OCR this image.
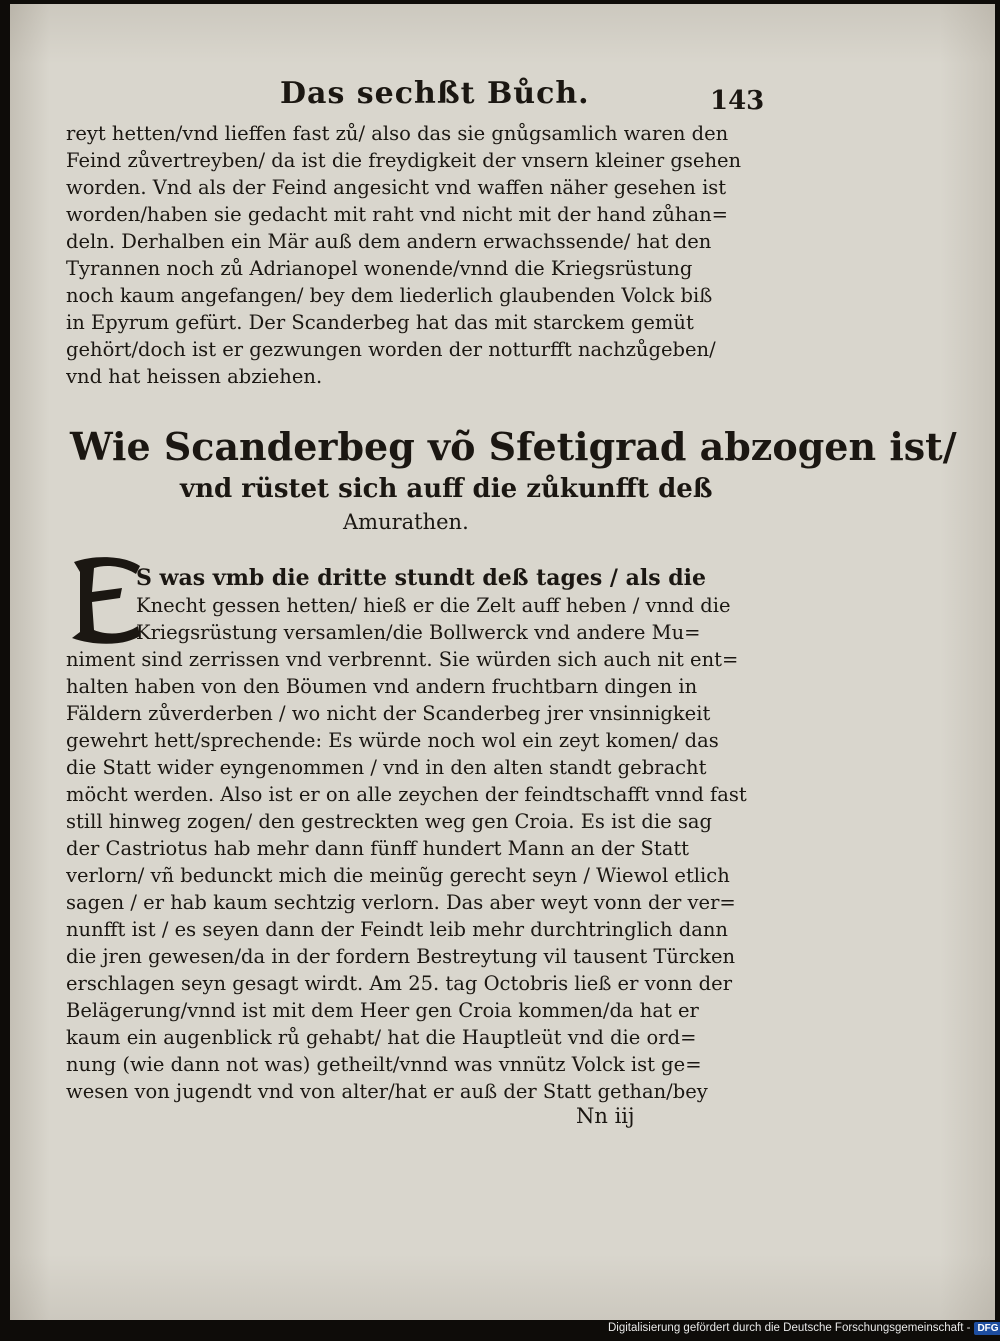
Das sechßt Bůch.	143
reyt hetten/vnd lieffen fast zů/ also das sie gnůgsamlich waren den
Feind zůvertreyben/ da ist die freydigkeit der vnsern kleiner gsehen
worden. Vnd als der Feind angesicht vnd waffen näher gesehen ist
worden/haben sie gedacht mit raht vnd nicht mit der hand zůhan=
deln. Derhalben ein Mär auß dem andern erwachssende/ hat den
Tyrannen noch zů Adrianopel wonende/vnnd die Kriegsrüstung
noch kaum angefangen/ bey dem liederlich glaubenden Volck biß
in Epyrum gefürt. Der Scanderbeg hat das mit starckem gemüt
gehört/doch ist er gezwungen worden der notturfft nachzůgeben/
vnd hat heissen abziehen.
Wie Scanderbeg võ Sfetigrad abzogen ist/
vnd rüstet sich auff die zůkunfft deß
Amurathen.
E
S was vmb die dritte stundt deß tages / als die
Knecht gessen hetten/ hieß er die Zelt auff heben / vnnd die
Kriegsrüstung versamlen/die Bollwerck vnd andere Mu=
niment sind zerrissen vnd verbrennt. Sie würden sich auch nit ent=
halten haben von den Böumen vnd andern fruchtbarn dingen in
Fäldern zůverderben / wo nicht der Scanderbeg jrer vnsinnigkeit
gewehrt hett/sprechende: Es würde noch wol ein zeyt komen/ das
die Statt wider eyngenommen / vnd in den alten standt gebracht
möcht werden. Also ist er on alle zeychen der feindtschafft vnnd fast
still hinweg zogen/ den gestreckten weg gen Croia. Es ist die sag
der Castriotus hab mehr dann fünff hundert Mann an der Statt
verlorn/ vñ bedunckt mich die meinũg gerecht seyn / Wiewol etlich
sagen / er hab kaum sechtzig verlorn. Das aber weyt vonn der ver=
nunfft ist / es seyen dann der Feindt leib mehr durchtringlich dann
die jren gewesen/da in der fordern Bestreytung vil tausent Türcken
erschlagen seyn gesagt wirdt. Am 25. tag Octobris ließ er vonn der
Belägerung/vnnd ist mit dem Heer gen Croia kommen/da hat er
kaum ein augenblick rů gehabt/ hat die Hauptleüt vnd die ord=
nung (wie dann not was) getheilt/vnnd was vnnütz Volck ist ge=
wesen von jugendt vnd von alter/hat er auß der Statt gethan/bey
Nn iij
Digitalisierung gefördert durch die Deutsche Forschungsgemeinschaft - DFG
